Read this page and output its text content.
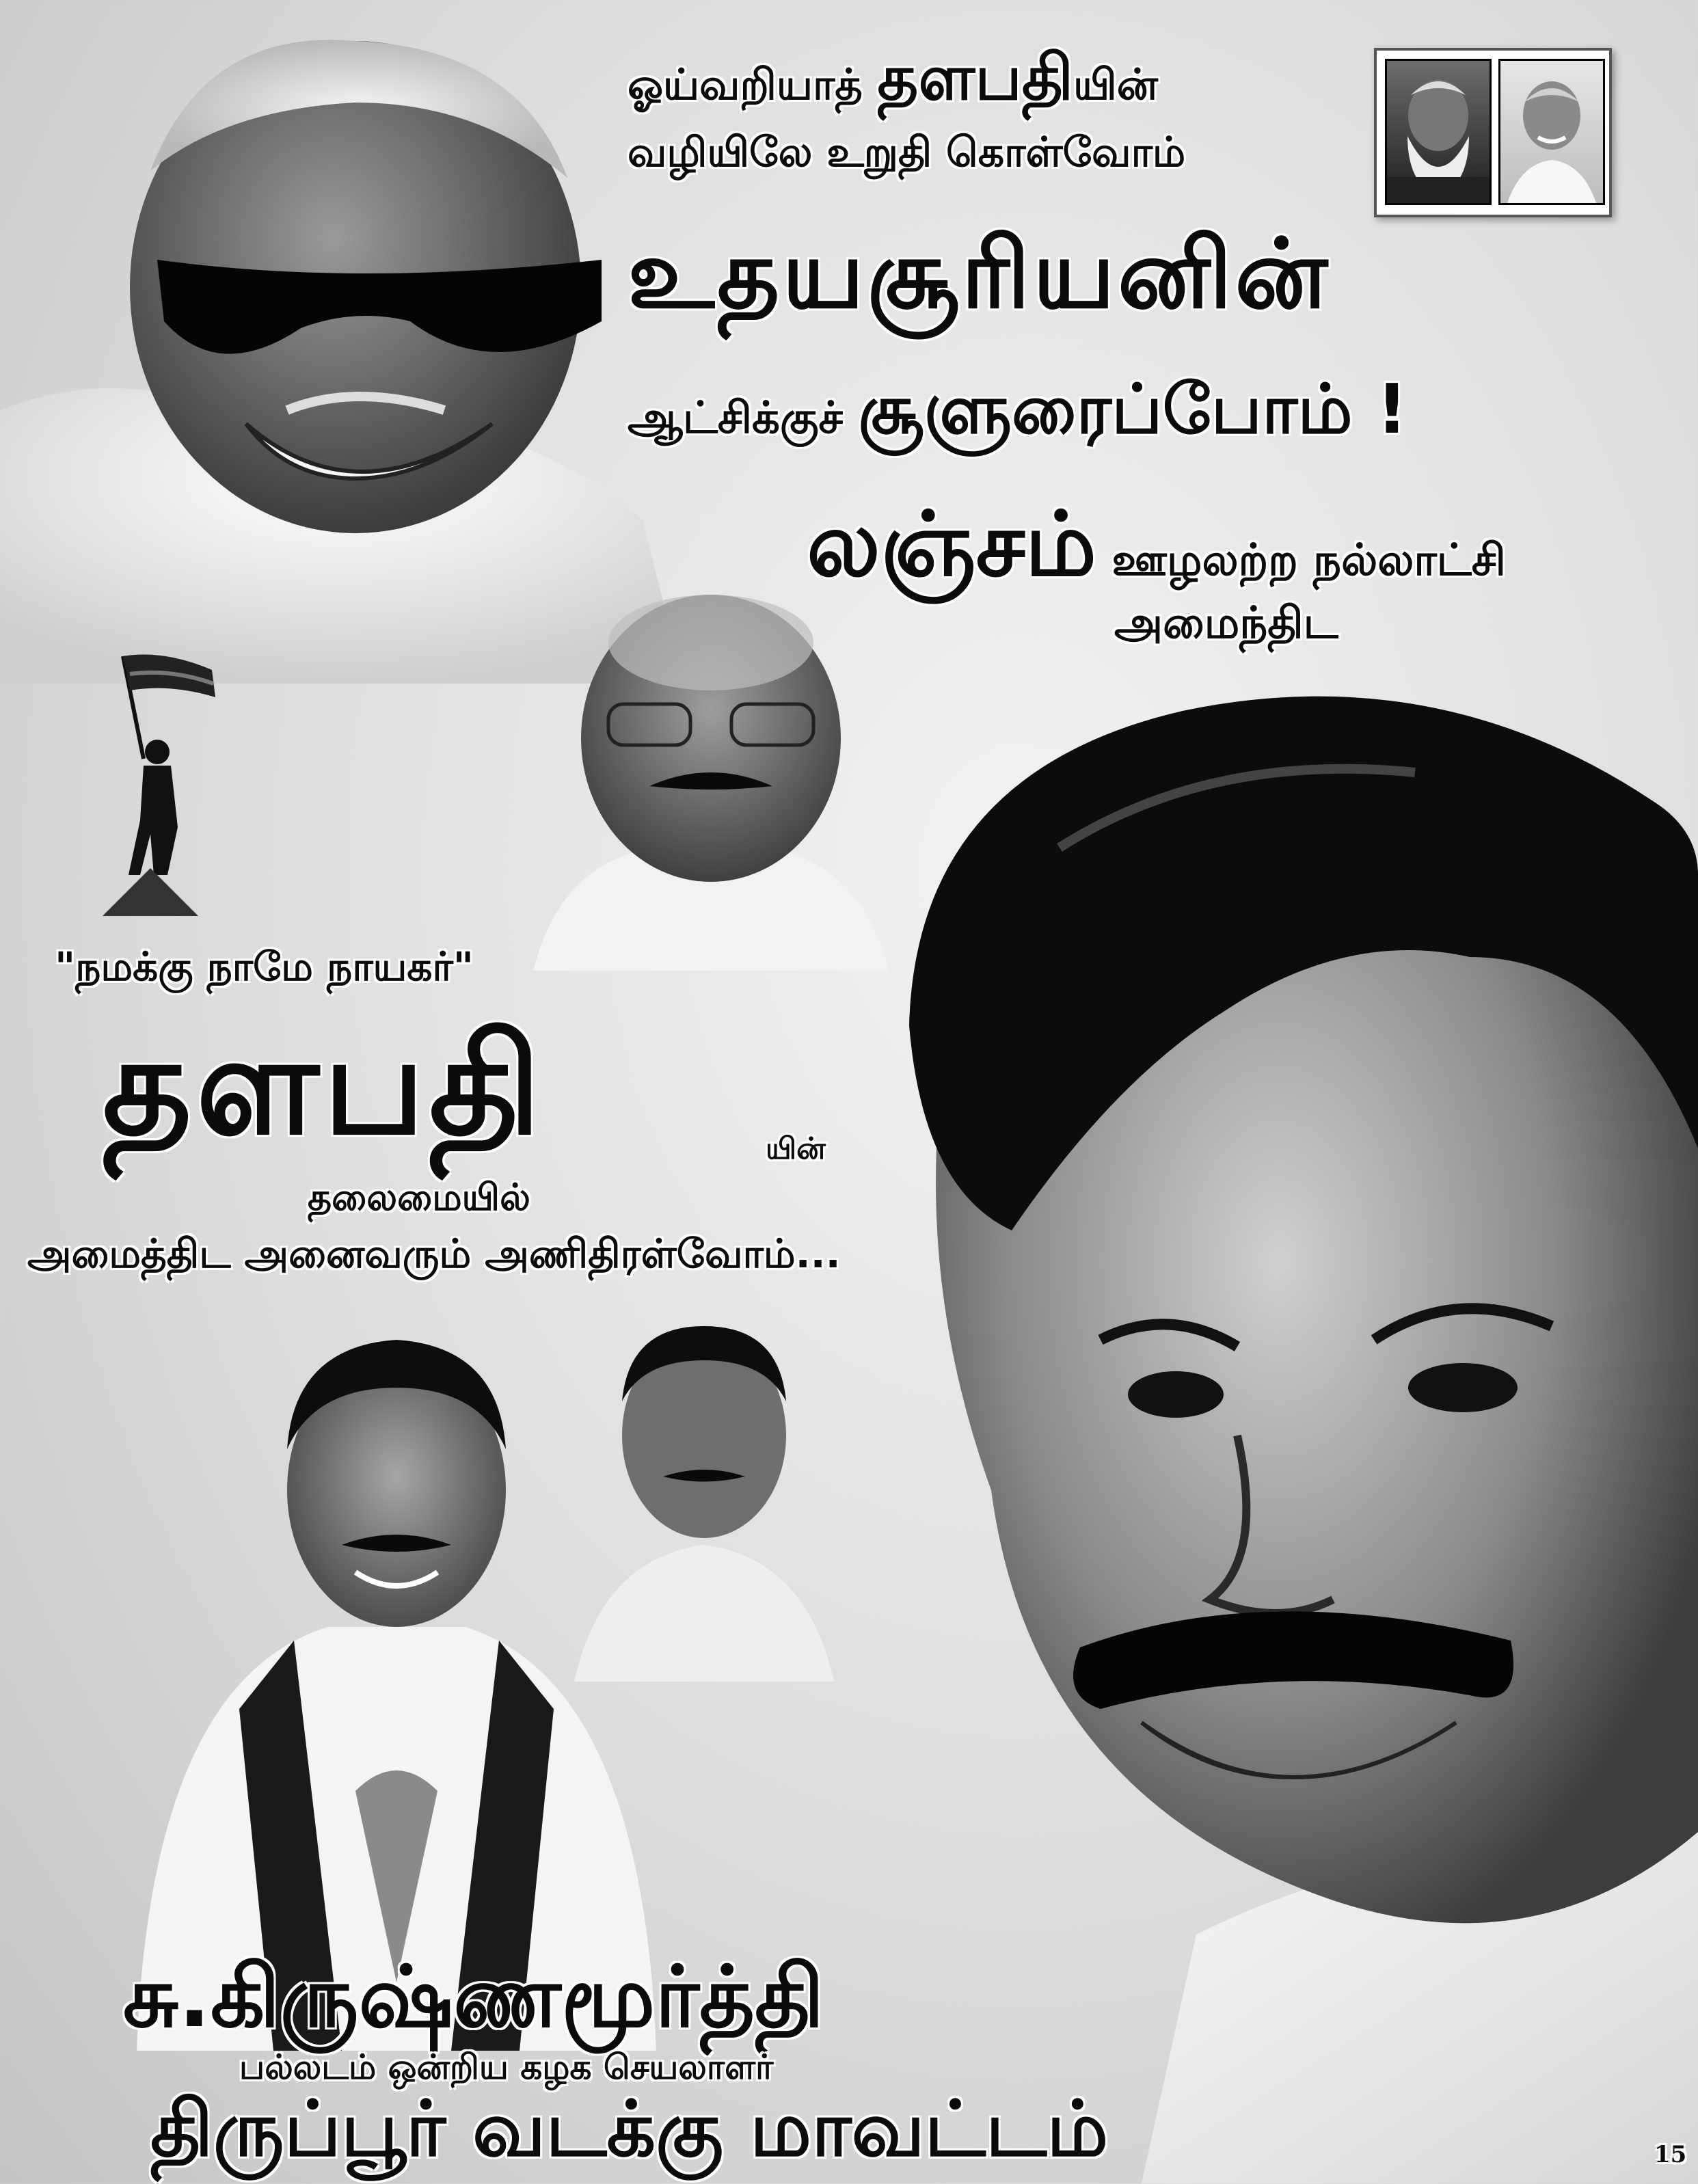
ஓய்வறியாத் தளபதியின்
வழியிலே உறுதி கொள்வோம்
உதயசூரியனின்
ஆட்சிக்குச் சூளுரைப்போம் !
லஞ்சம் ஊழலற்ற நல்லாட்சி
அமைந்திட
"நமக்கு நாமே நாயகர்"
தளபதி	யின்
தலைமையில்
அமைத்திட அனைவரும் அணிதிரள்வோம்...
சு.கிருஷ்ணமூர்த்தி
பல்லடம் ஒன்றிய கழக செயலாளர்
திருப்பூர் வடக்கு மாவட்டம்	15
